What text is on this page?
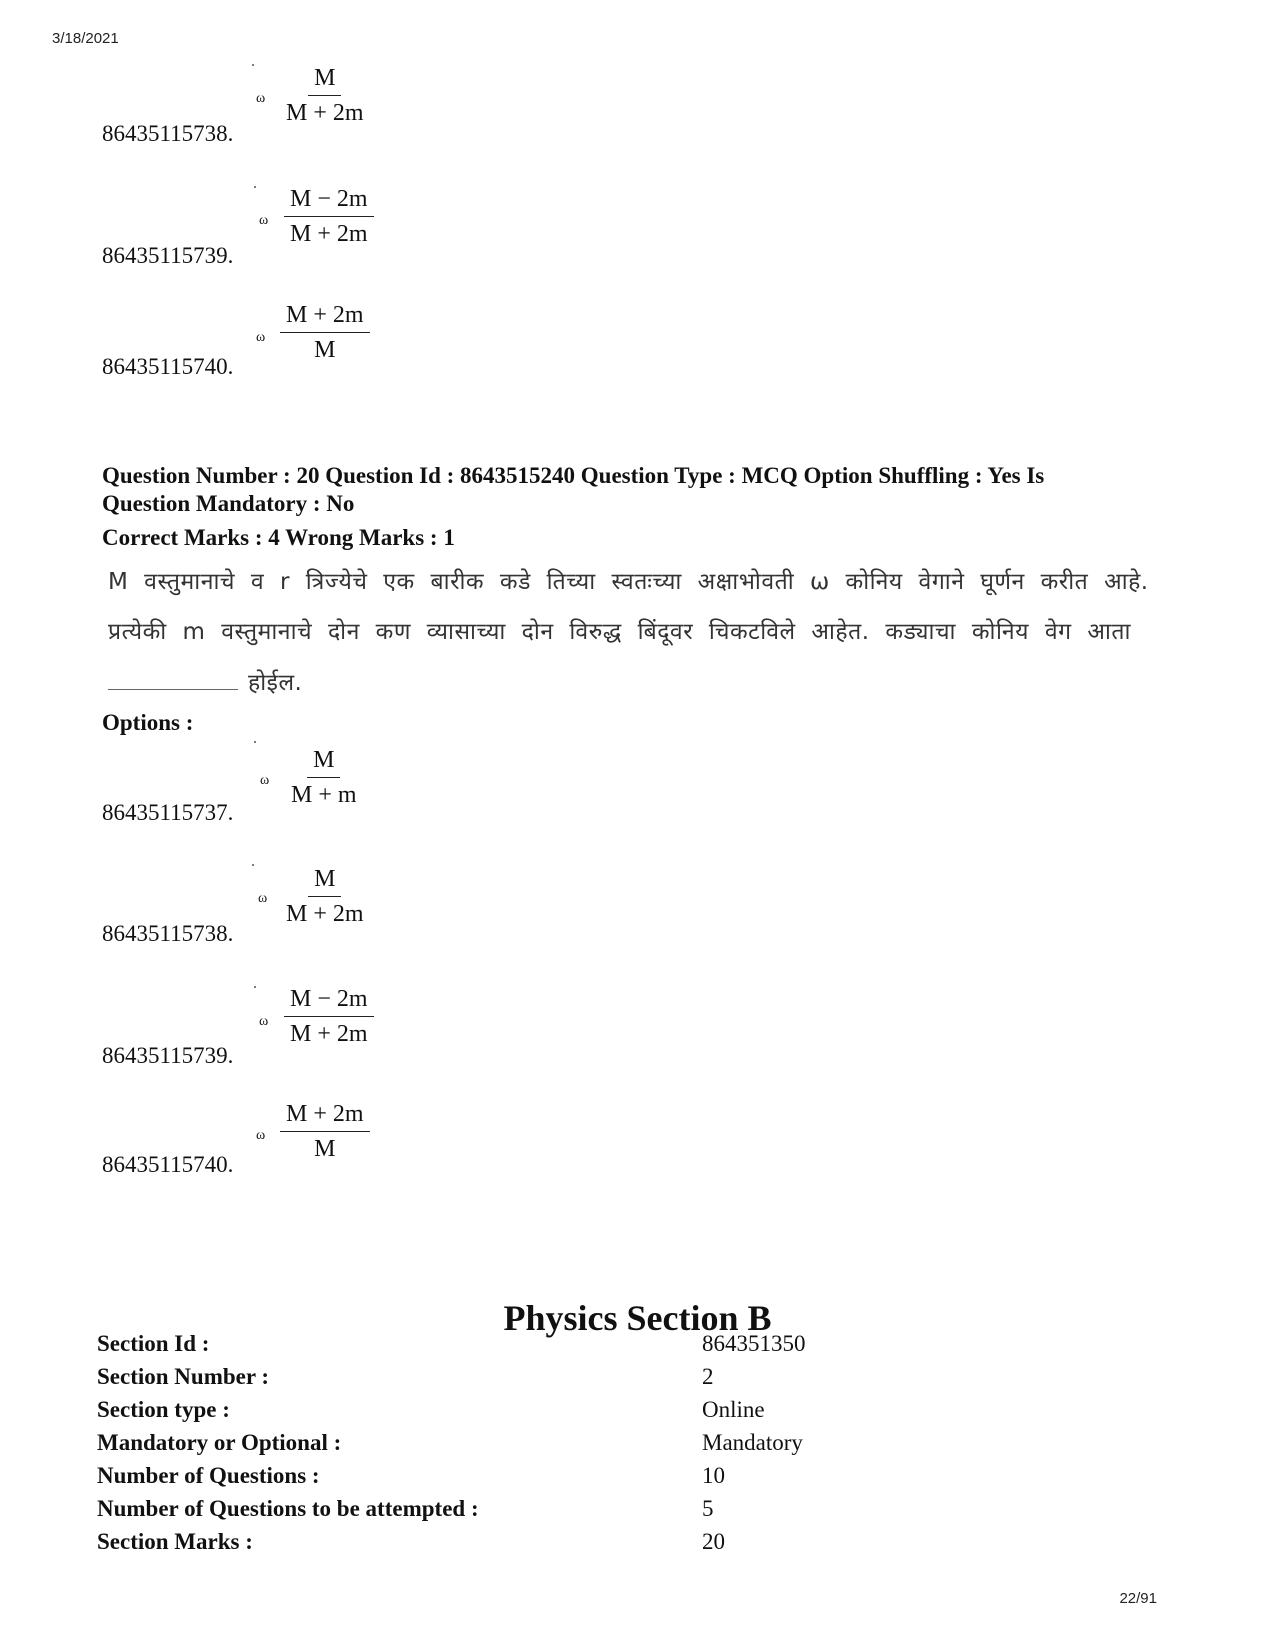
3/18/2021
22/91
ω $\frac{M}{M + 2m}$
86435115738.
ω $\frac{M - 2m}{M + 2m}$
86435115739.
ω $\frac{M + 2m}{M}$
86435115740.
Question Number : 20 Question Id : 8643515240 Question Type : MCQ Option Shuffling : Yes Is
Question Mandatory : No
Correct Marks : 4 Wrong Marks : 1
M वस्तुमानाचे व r त्रिज्येचे एक बारीक कडे तिच्या स्वतःच्या अक्षाभोवती ω कोनिय वेगाने घूर्णन करीत आहे.
प्रत्येकी m वस्तुमानाचे दोन कण व्यासाच्या दोन विरुद्ध बिंदूवर चिकटविले आहेत. कड्याचा कोनिय वेग आता
होईल.
Options :
ω $\frac{M}{M + m}$
86435115737.
ω $\frac{M}{M + 2m}$
86435115738.
ω $\frac{M - 2m}{M + 2m}$
86435115739.
ω $\frac{M + 2m}{M}$
86435115740.
Physics Section B
Section Id :	864351350
Section Number :	2
Section type :	Online
Mandatory or Optional :	Mandatory
Number of Questions :	10
Number of Questions to be attempted :	5
Section Marks :	20
